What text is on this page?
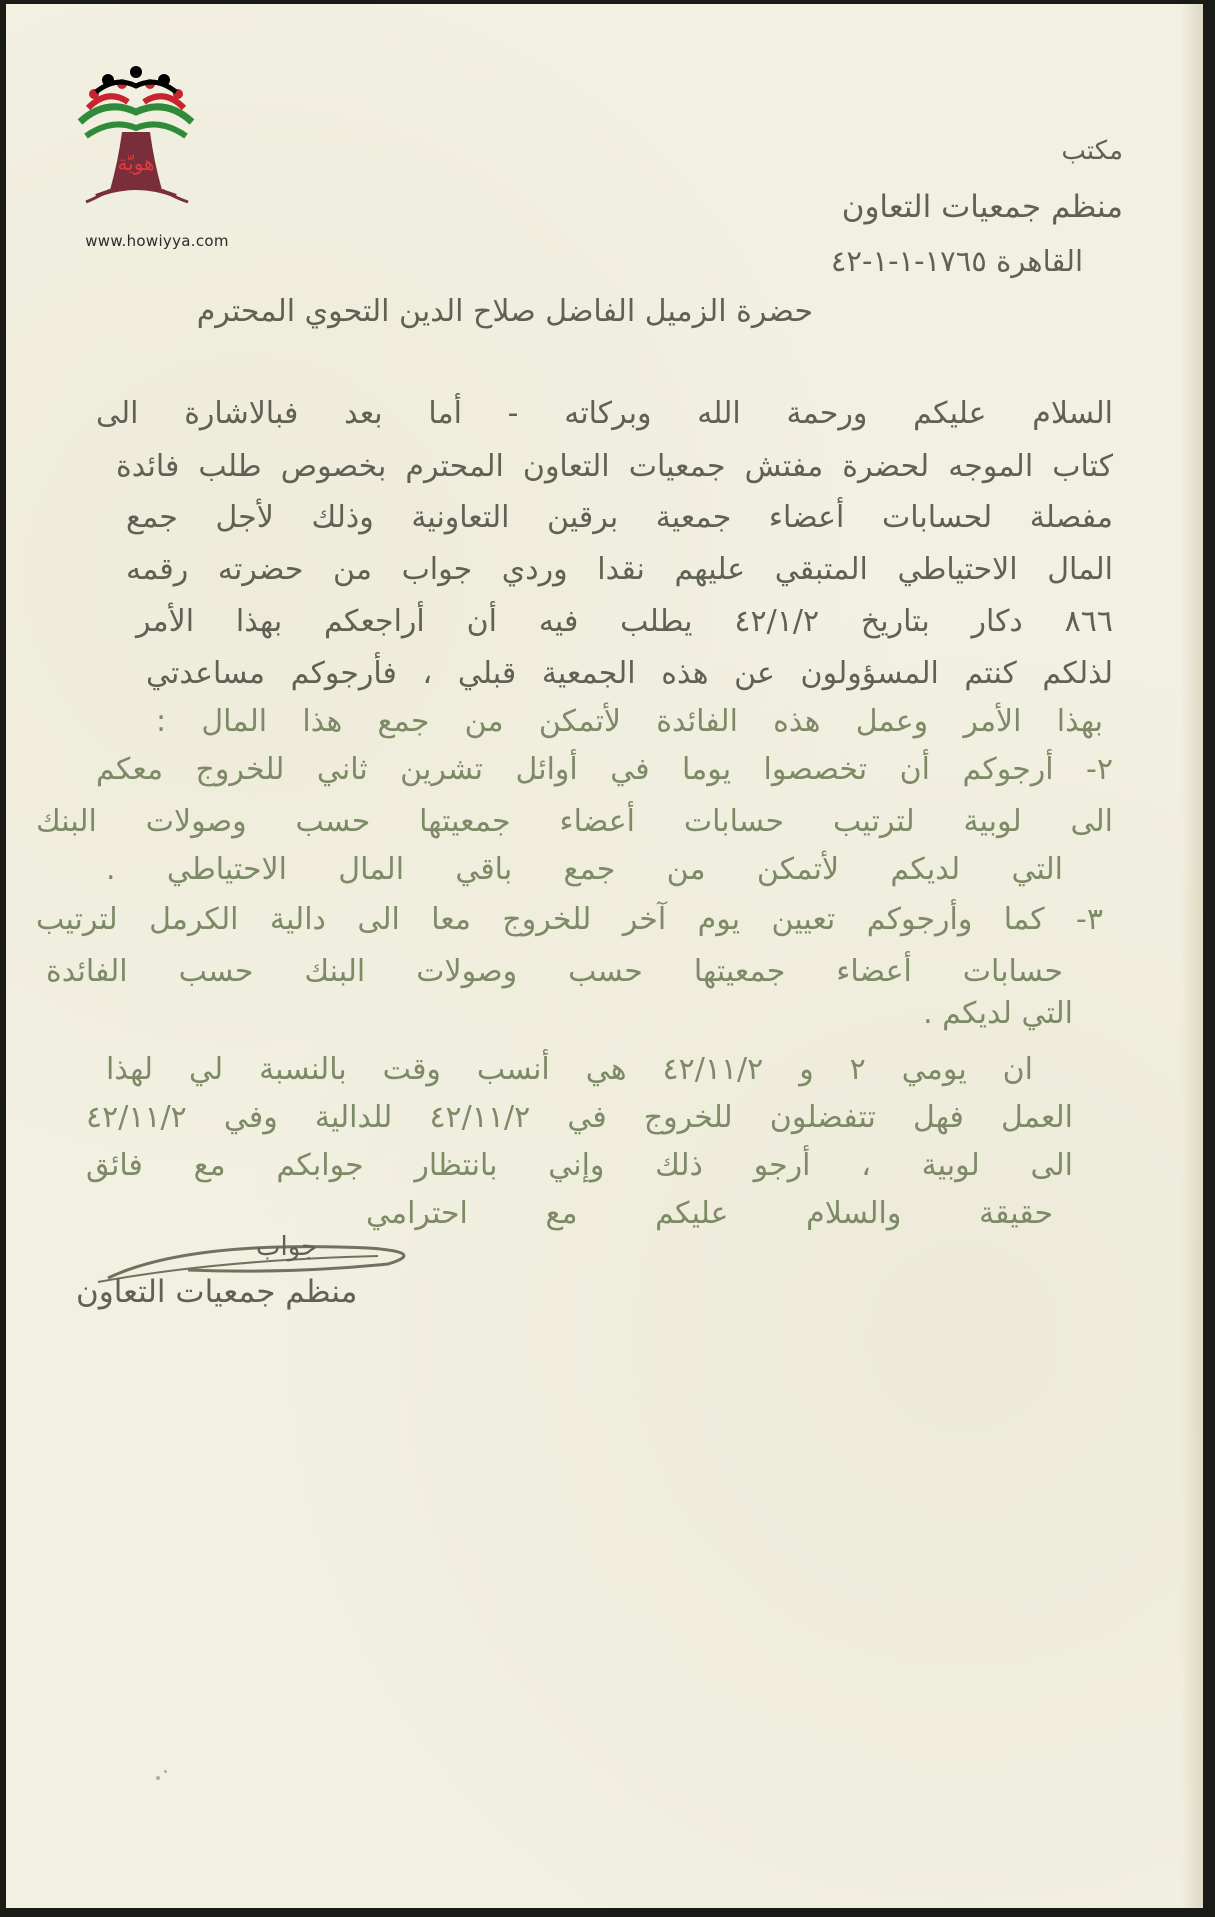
هويّة
www.howiyya.com
مكتب
منظم جمعيات التعاون
القاهرة ١٧٦٥-١-١-٤٢
حضرة الزميل الفاضل صلاح الدين التحوي المحترم
السلام عليكم ورحمة الله وبركاته - أما بعد فبالاشارة الى
كتاب الموجه لحضرة مفتش جمعيات التعاون المحترم بخصوص طلب فائدة
مفصلة لحسابات أعضاء جمعية برقين التعاونية وذلك لأجل جمع
المال الاحتياطي المتبقي عليهم نقدا وردي جواب من حضرته رقمه
٨٦٦ دكار بتاريخ ٤٢/١/٢ يطلب فيه أن أراجعكم بهذا الأمر
لذلكم كنتم المسؤولون عن هذه الجمعية قبلي ، فأرجوكم مساعدتي
بهذا الأمر وعمل هذه الفائدة لأتمكن من جمع هذا المال :
٢- أرجوكم أن تخصصوا يوما في أوائل تشرين ثاني للخروج معكم
الى لوبية لترتيب حسابات أعضاء جمعيتها حسب وصولات البنك
التي لديكم لأتمكن من جمع باقي المال الاحتياطي .
٣- كما وأرجوكم تعيين يوم آخر للخروج معا الى دالية الكرمل لترتيب
حسابات أعضاء جمعيتها حسب وصولات البنك حسب الفائدة
التي لديكم .
ان يومي ٢ و ٤٢/١١/٢ هي أنسب وقت بالنسبة لي لهذا
العمل فهل تتفضلون للخروج في ٤٢/١١/٢ للدالية وفي ٤٢/١١/٢
الى لوبية ، أرجو ذلك وإني بانتظار جوابكم مع فائق
حقيقة والسلام عليكم مع احترامي
جواب
منظم جمعيات التعاون
